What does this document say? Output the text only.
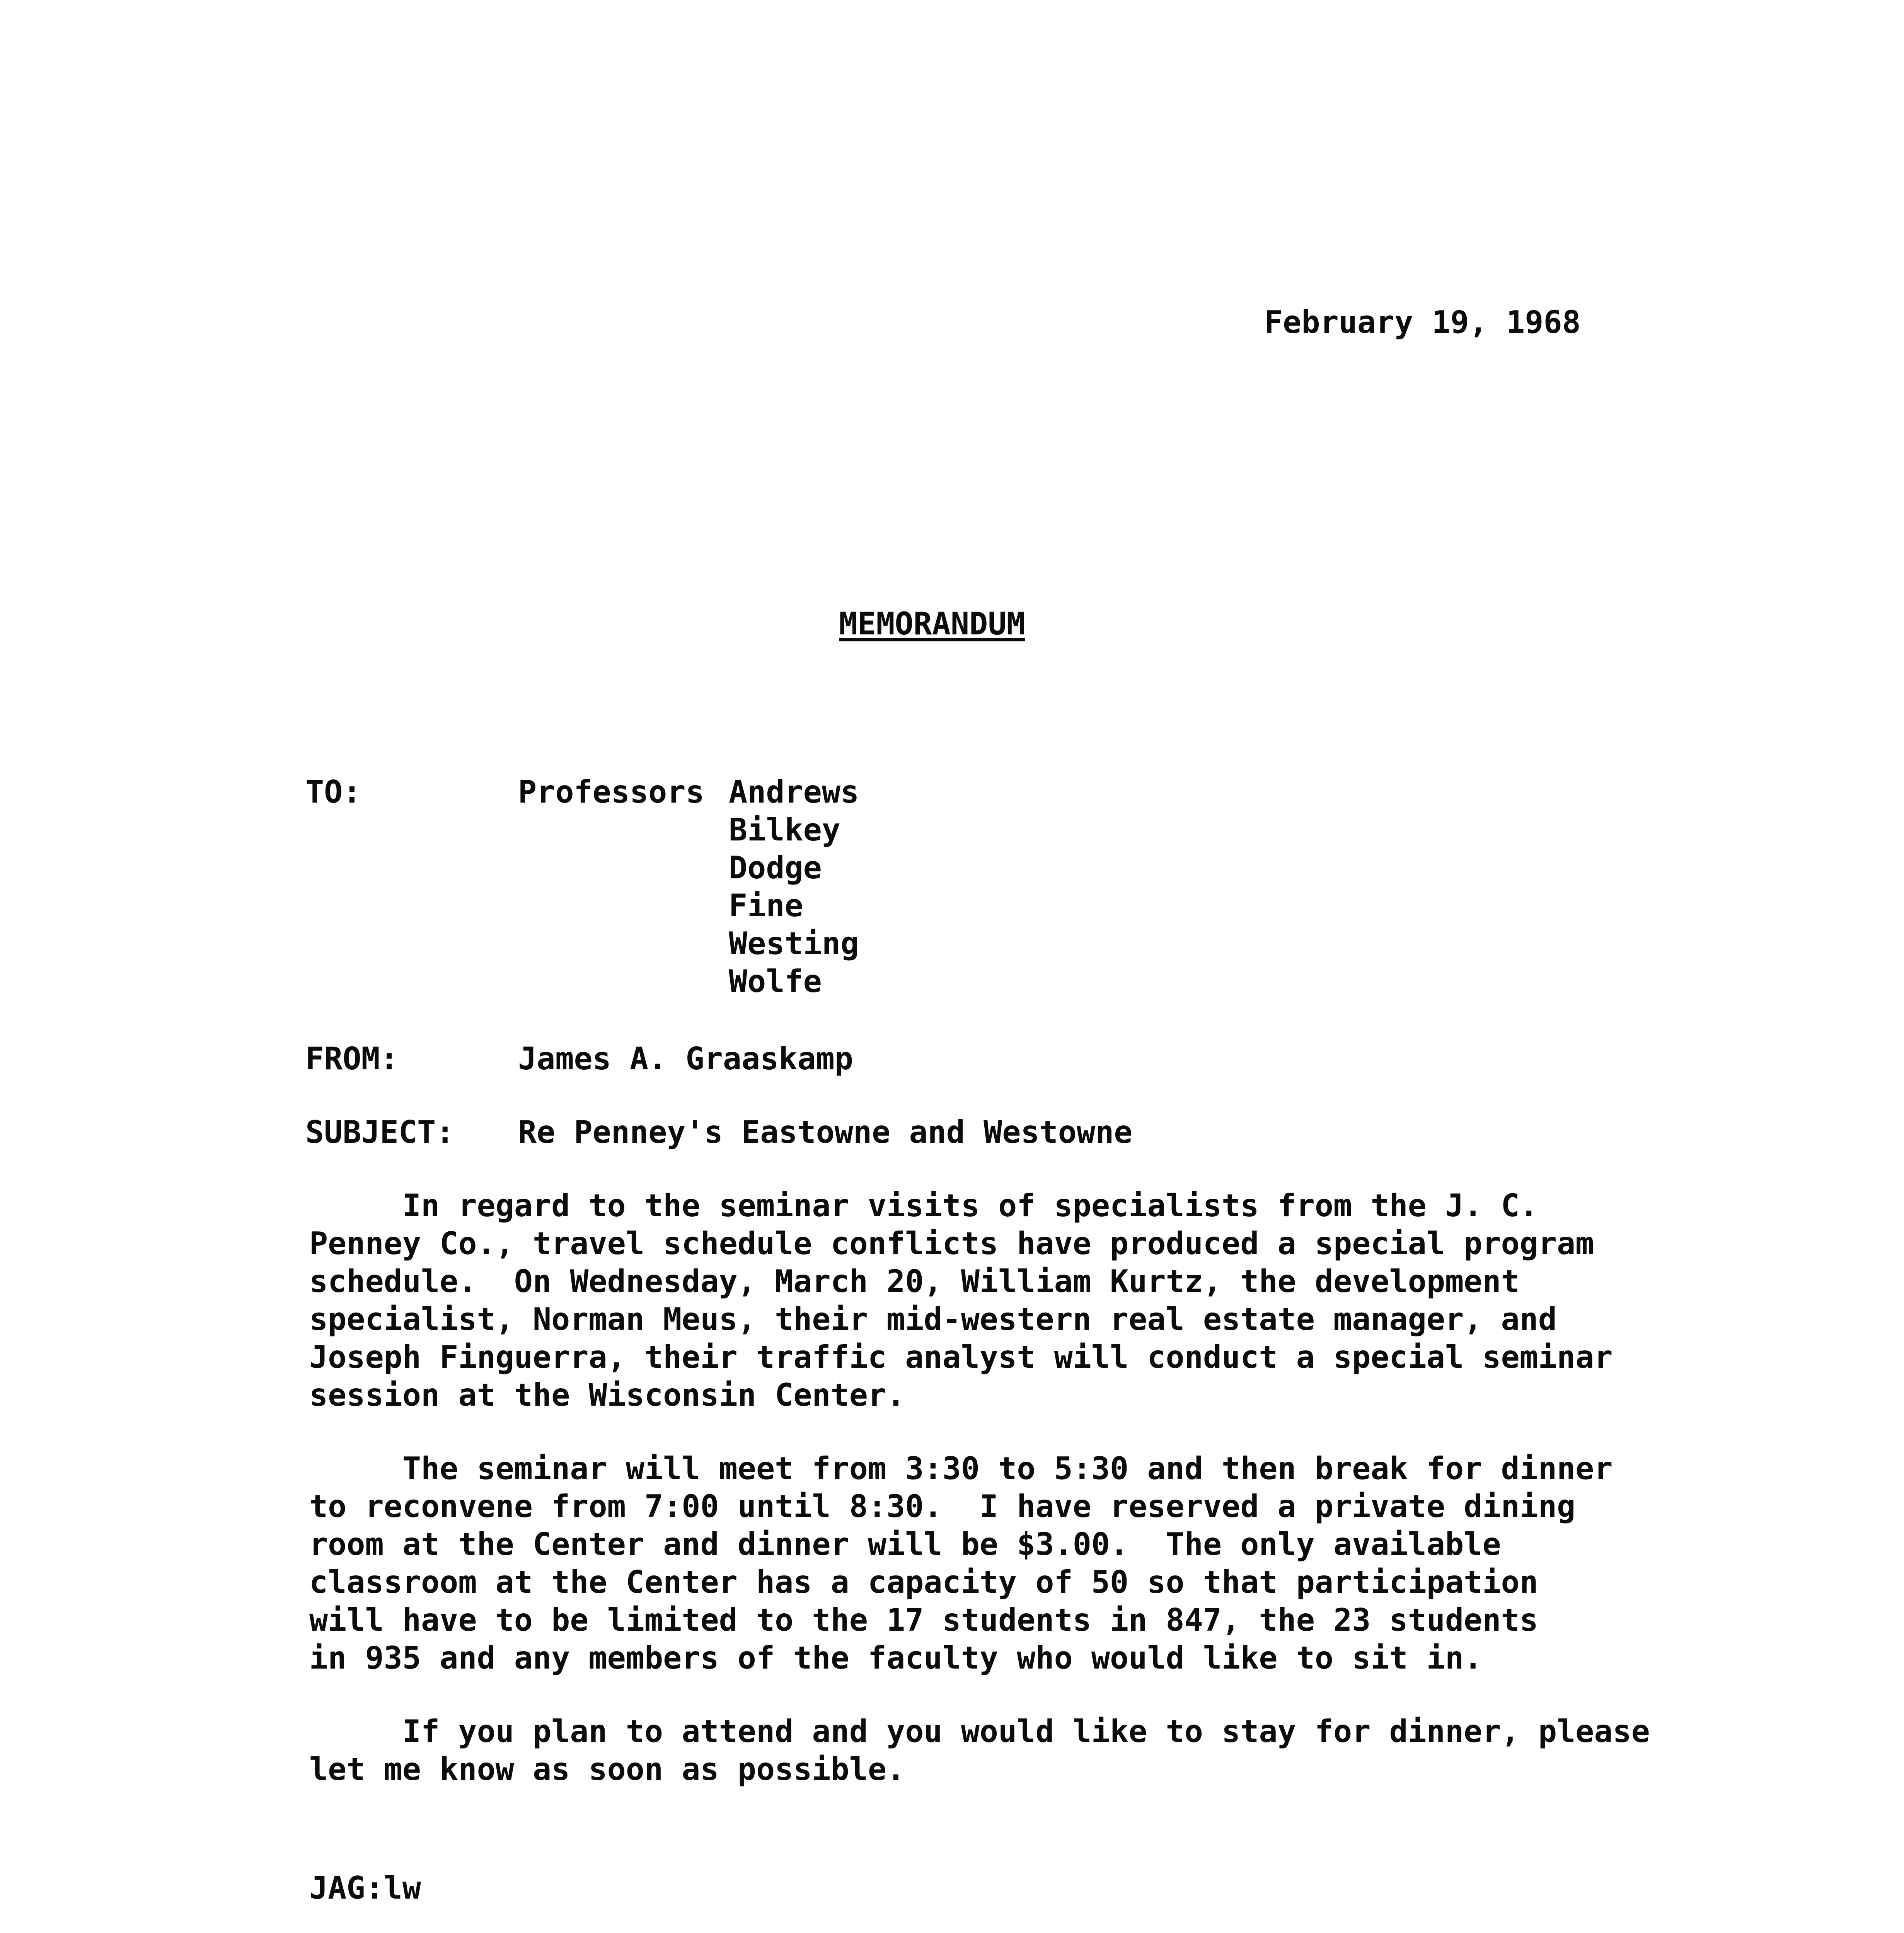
February 19, 1968
MEMORANDUM
TO:	Professors Andrews
Bilkey
Dodge
Fine
Westing
Wolfe
FROM:	James A. Graaskamp
SUBJECT: Re Penney's Eastowne and Westowne
In regard to the seminar visits of specialists from the J. C.
Penney Co., travel schedule conflicts have produced a special program
schedule.  On Wednesday, March 20, William Kurtz, the development
specialist, Norman Meus, their mid-western real estate manager, and
Joseph Finguerra, their traffic analyst will conduct a special seminar
session at the Wisconsin Center.
The seminar will meet from 3:30 to 5:30 and then break for dinner
to reconvene from 7:00 until 8:30.  I have reserved a private dining
room at the Center and dinner will be $3.00.  The only available
classroom at the Center has a capacity of 50 so that participation
will have to be limited to the 17 students in 847, the 23 students
in 935 and any members of the faculty who would like to sit in.
If you plan to attend and you would like to stay for dinner, please
let me know as soon as possible.
JAG:lw
